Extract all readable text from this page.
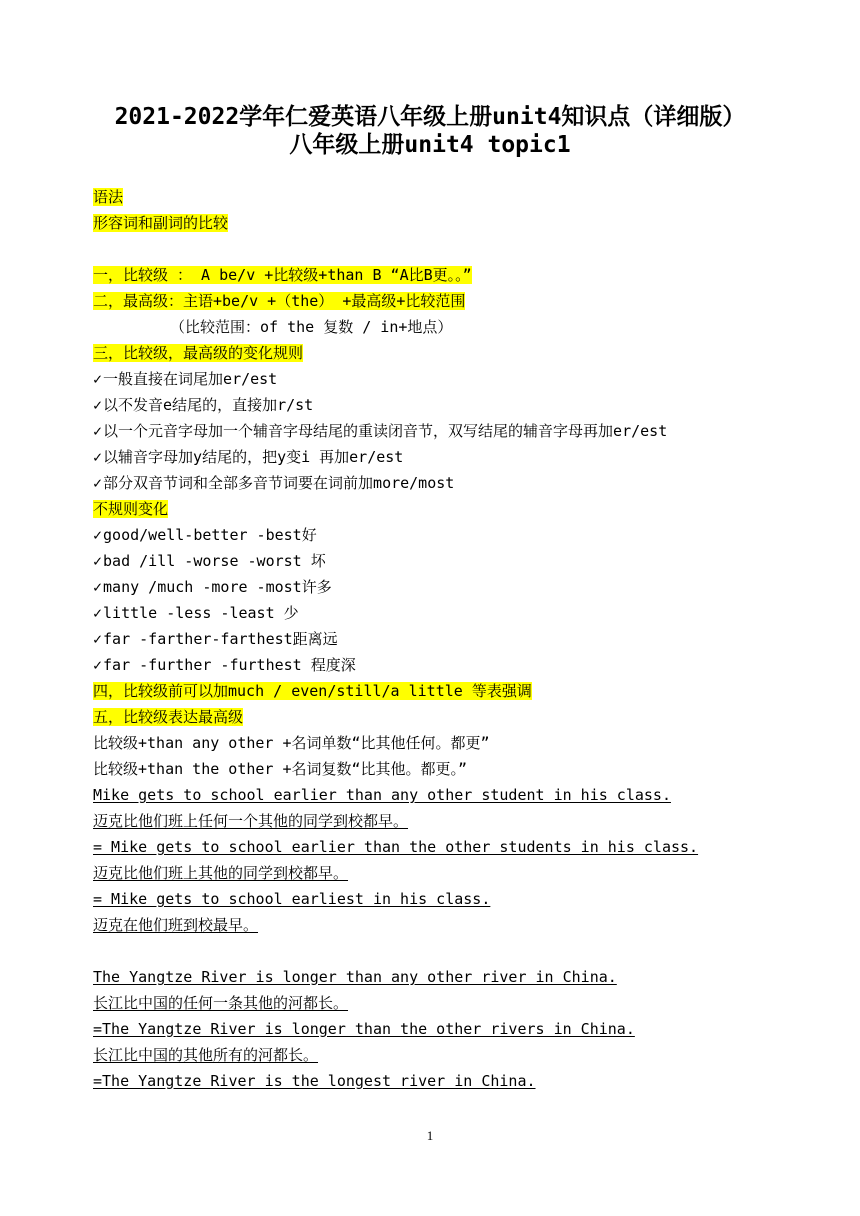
2021-2022学年仁爱英语八年级上册unit4知识点（详细版）
八年级上册unit4 topic1
语法
形容词和副词的比较
一，比较级 ： A be/v +比较级+than B “A比B更。。”
二，最高级：主语+be/v +（the） +最高级+比较范围
（比较范围：of the 复数 / in+地点）
三，比较级，最高级的变化规则
✓一般直接在词尾加er/est
✓以不发音e结尾的，直接加r/st
✓以一个元音字母加一个辅音字母结尾的重读闭音节，双写结尾的辅音字母再加er/est
✓以辅音字母加y结尾的，把y变i 再加er/est
✓部分双音节词和全部多音节词要在词前加more/most
不规则变化
✓good/well-better -best好
✓bad /ill -worse -worst 坏
✓many /much -more -most许多
✓little -less -least 少
✓far -farther-farthest距离远
✓far -further -furthest 程度深
四，比较级前可以加much / even/still/a little 等表强调
五，比较级表达最高级
比较级+than any other +名词单数“比其他任何。都更”
比较级+than the other +名词复数“比其他。都更。”
Mike gets to school earlier than any other student in his class.
迈克比他们班上任何一个其他的同学到校都早。
= Mike gets to school earlier than the other students in his class.
迈克比他们班上其他的同学到校都早。
= Mike gets to school earliest in his class.
迈克在他们班到校最早。
The Yangtze River is longer than any other river in China.
长江比中国的任何一条其他的河都长。
=The Yangtze River is longer than the other rivers in China.
长江比中国的其他所有的河都长。
=The Yangtze River is the longest river in China.
1
